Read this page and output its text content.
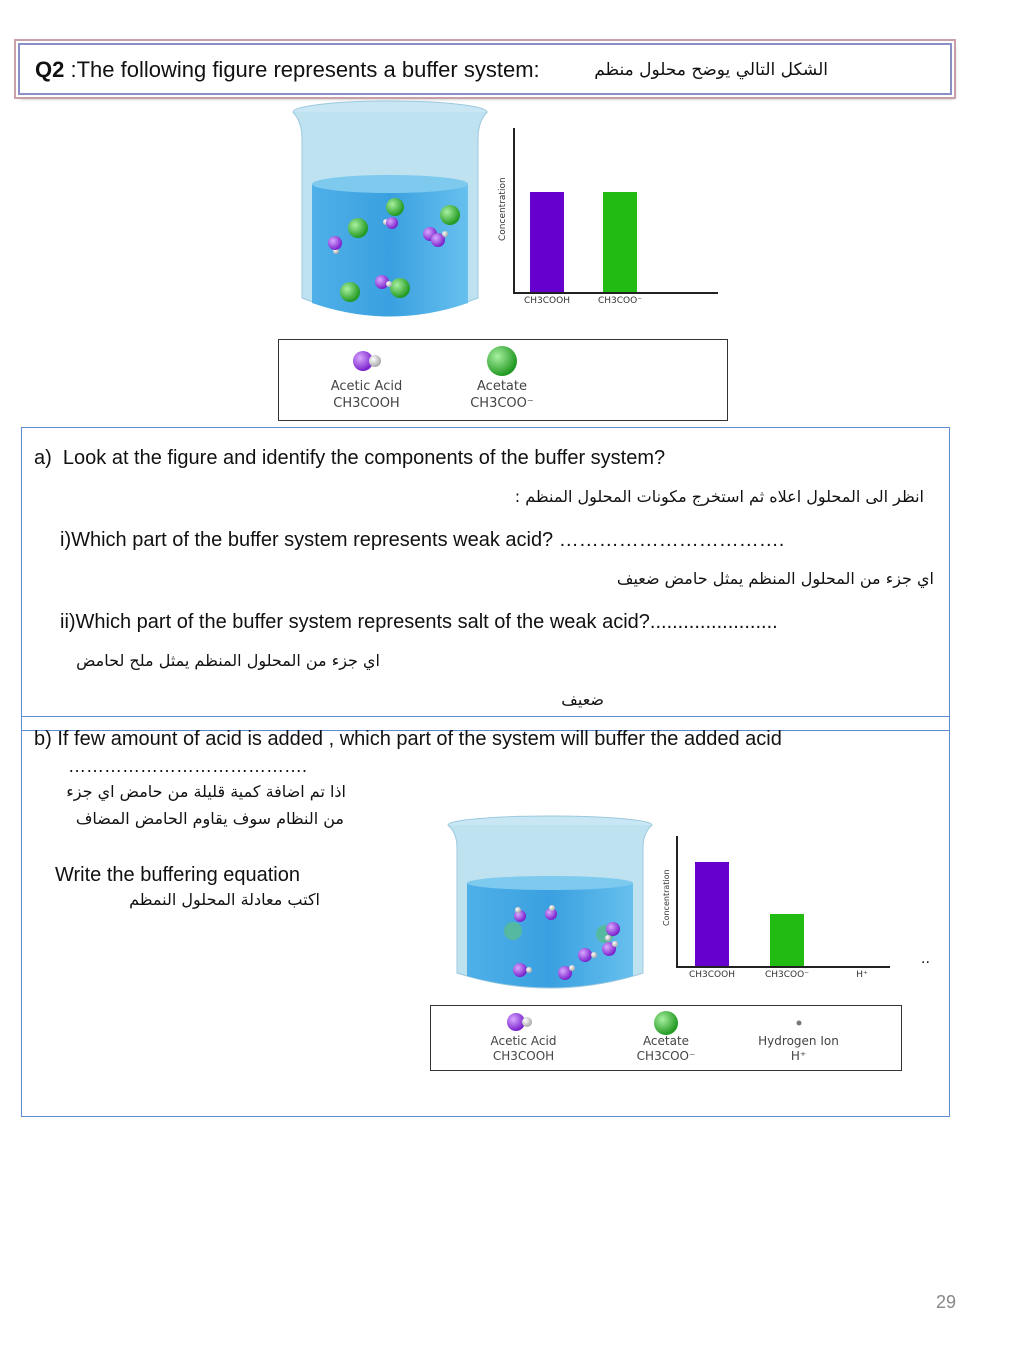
Q2 :The following figure represents a buffer system:	الشكل التالي يوضح محلول منظم
Concentration
CH3COOH	CH3COO⁻
Acetic Acid
CH3COOH
Acetate
CH3COO⁻
a)  Look at the figure and identify the components of the buffer system?
انظر الى المحلول اعلاه ثم استخرج مكونات المحلول المنظم :
i)Which part of the buffer system represents weak acid? …………………………….
اي جزء من المحلول المنظم يمثل حامض ضعيف
ii)Which part of the buffer system represents salt of the weak acid?.......................
اي جزء من المحلول المنظم يمثل ملح لحامض
ضعيف
b) If few amount of acid is added , which part of the system will buffer the added acid
………………………………….
اذا تم اضافة كمية قليلة من حامض اي جزء
من النظام سوف يقاوم الحامض المضاف
Write the buffering equation
اكتب معادلة المحلول النمظم
..
Concentration
CH3COOH	CH3COO⁻	H⁺
Acetic Acid
CH3COOH
Acetate
CH3COO⁻
Hydrogen Ion
H⁺
29
